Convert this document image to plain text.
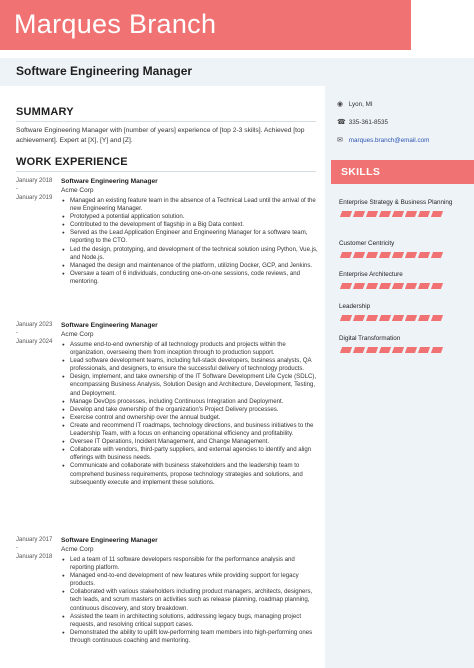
Marques Branch
Software Engineering Manager
SUMMARY

Software Engineering Manager with [number of years] experience of [top 2-3 skills]. Achieved [top achievement]. Expert at [X], [Y] and [Z].

WORK EXPERIENCE
January 2018
-
January 2019
Software Engineering Manager
Acme Corp
● Managed an existing feature team in the absence of a Technical Lead until the arrival of the new Engineering Manager.
● Prototyped a potential application solution.
● Contributed to the development of flagship in a Big Data context.
● Served as the Lead Application Engineer and Engineering Manager for a software team, reporting to the CTO.
● Led the design, prototyping, and development of the technical solution using Python, Vue.js, and Node.js.
● Managed the design and maintenance of the platform, utilizing Docker, GCP, and Jenkins.
● Oversaw a team of 6 individuals, conducting one-on-one sessions, code reviews, and mentoring.
January 2023
-
January 2024
Software Engineering Manager
Acme Corp
● Assume end-to-end ownership of all technology products and projects within the organization, overseeing them from inception through to production support.
● Lead software development teams, including full-stack developers, business analysts, QA professionals, and designers, to ensure the successful delivery of technology products.
● Design, implement, and take ownership of the IT Software Development Life Cycle (SDLC), encompassing Business Analysis, Solution Design and Architecture, Development, Testing, and Deployment.
● Manage DevOps processes, including Continuous Integration and Deployment.
● Develop and take ownership of the organization's Project Delivery processes.
● Exercise control and ownership over the annual budget.
● Create and recommend IT roadmaps, technology directions, and business initiatives to the Leadership Team, with a focus on enhancing operational efficiency and profitability.
● Oversee IT Operations, Incident Management, and Change Management.
● Collaborate with vendors, third-party suppliers, and external agencies to identify and align offerings with business needs.
● Communicate and collaborate with business stakeholders and the leadership team to comprehend business requirements, propose technology strategies and solutions, and subsequently execute and implement these solutions.
January 2017
-
January 2018
Software Engineering Manager
Acme Corp
● Led a team of 11 software developers responsible for the performance analysis and reporting platform.
● Managed end-to-end development of new features while providing support for legacy products.
● Collaborated with various stakeholders including product managers, architects, designers, tech leads, and scrum masters on activities such as release planning, roadmap planning, continuous discovery, and story breakdown.
● Assisted the team in architecting solutions, addressing legacy bugs, managing project requests, and resolving critical support cases.
● Demonstrated the ability to uplift low-performing team members into high-performing ones through continuous coaching and mentoring.
◉ Lyon, MI
☎ 335-361-8535
✉ marques.branch@email.com
SKILLS
Enterprise Strategy & Business Planning
Customer Centricity
Enterprise Architecture
Leadership
Digital Transformation
